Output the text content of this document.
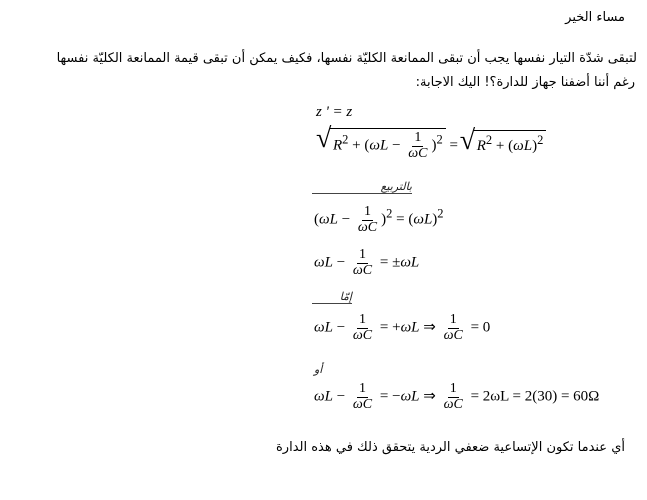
مساء الخير
لتبقى شدّة التيار نفسها يجب أن تبقى الممانعة الكليّة نفسها، فكيف يمكن أن تبقى قيمة الممانعة الكليّة نفسها
رغم أننا أضفنا جهاز للدارة؟! اليك الاجابة:
z ' = z
√ $R^2 + (\omega L - \frac{1}{\omega C} )^2$ = √ $R^2 + (\omega L)^2$
بالتربيع
$(\omega L - \frac{1}{\omega C} )^2 = (\omega L)^2$
$\omega L - \frac{1}{\omega C} = \pm\omega L$
إمّا
$\omega L - \frac{1}{\omega C} = +\omega L$ ⇒ $\frac{1}{\omega C} = 0$
أو
$\omega L - \frac{1}{\omega C} = -\omega L$ ⇒ $\frac{1}{\omega C} = 2\omega L = 2(30) = 60\Omega$
أي عندما تكون الإتساعية ضعفي الردية يتحقق ذلك في هذه الدارة
